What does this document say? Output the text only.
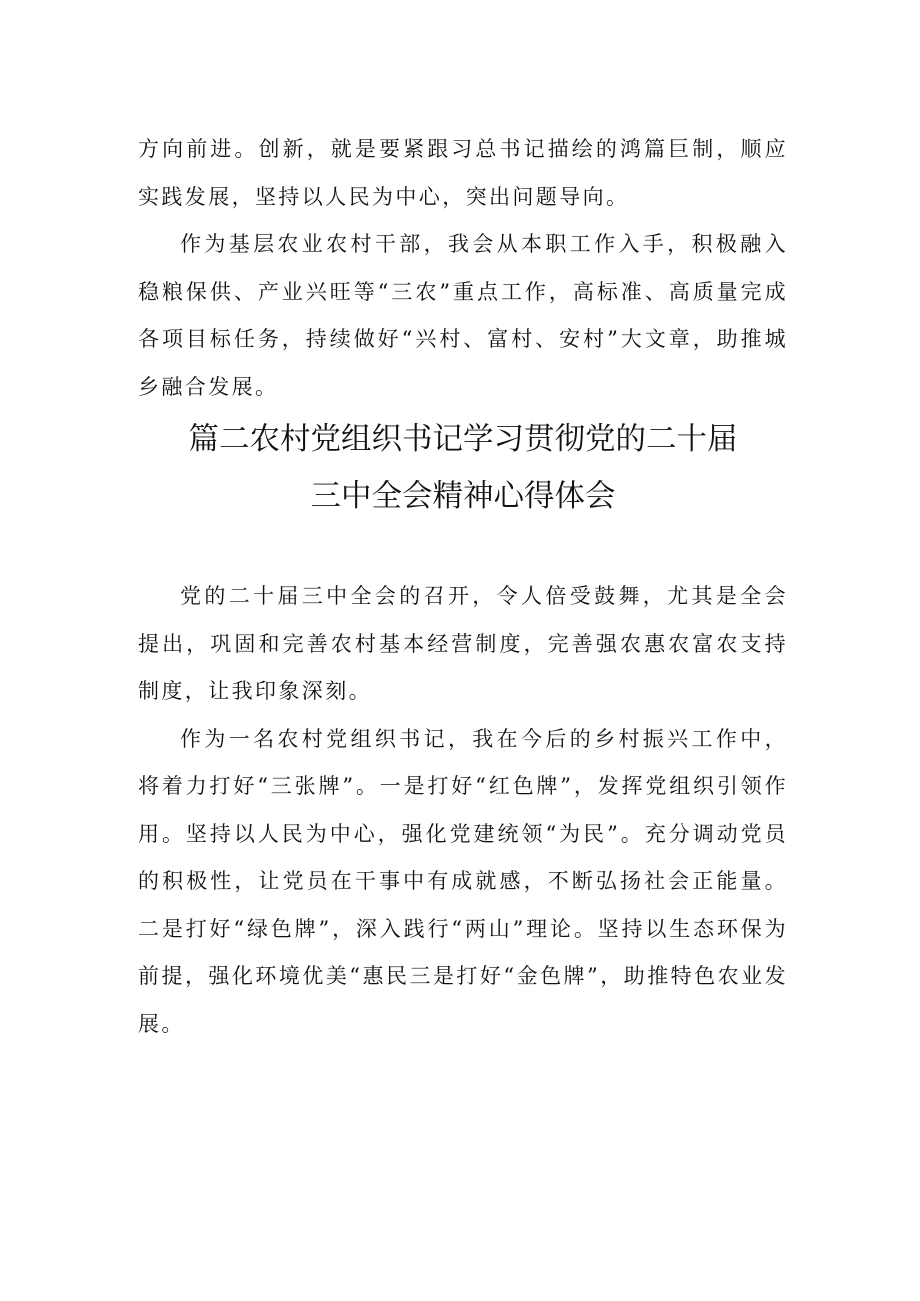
方向前进。创新，就是要紧跟习总书记描绘的鸿篇巨制，顺应实践发展，坚持以人民为中心，突出问题导向。

作为基层农业农村干部，我会从本职工作入手，积极融入稳粮保供、产业兴旺等“三农”重点工作，高标准、高质量完成各项目标任务，持续做好“兴村、富村、安村”大文章，助推城乡融合发展。

篇二农村党组织书记学习贯彻党的二十届
三中全会精神心得体会

党的二十届三中全会的召开，令人倍受鼓舞，尤其是全会提出，巩固和完善农村基本经营制度，完善强农惠农富农支持制度，让我印象深刻。

作为一名农村党组织书记，我在今后的乡村振兴工作中，将着力打好“三张牌”。一是打好“红色牌”，发挥党组织引领作用。坚持以人民为中心，强化党建统领“为民”。充分调动党员的积极性，让党员在干事中有成就感，不断弘扬社会正能量。二是打好“绿色牌”，深入践行“两山”理论。坚持以生态环保为前提，强化环境优美“惠民三是打好“金色牌”，助推特色农业发展。
